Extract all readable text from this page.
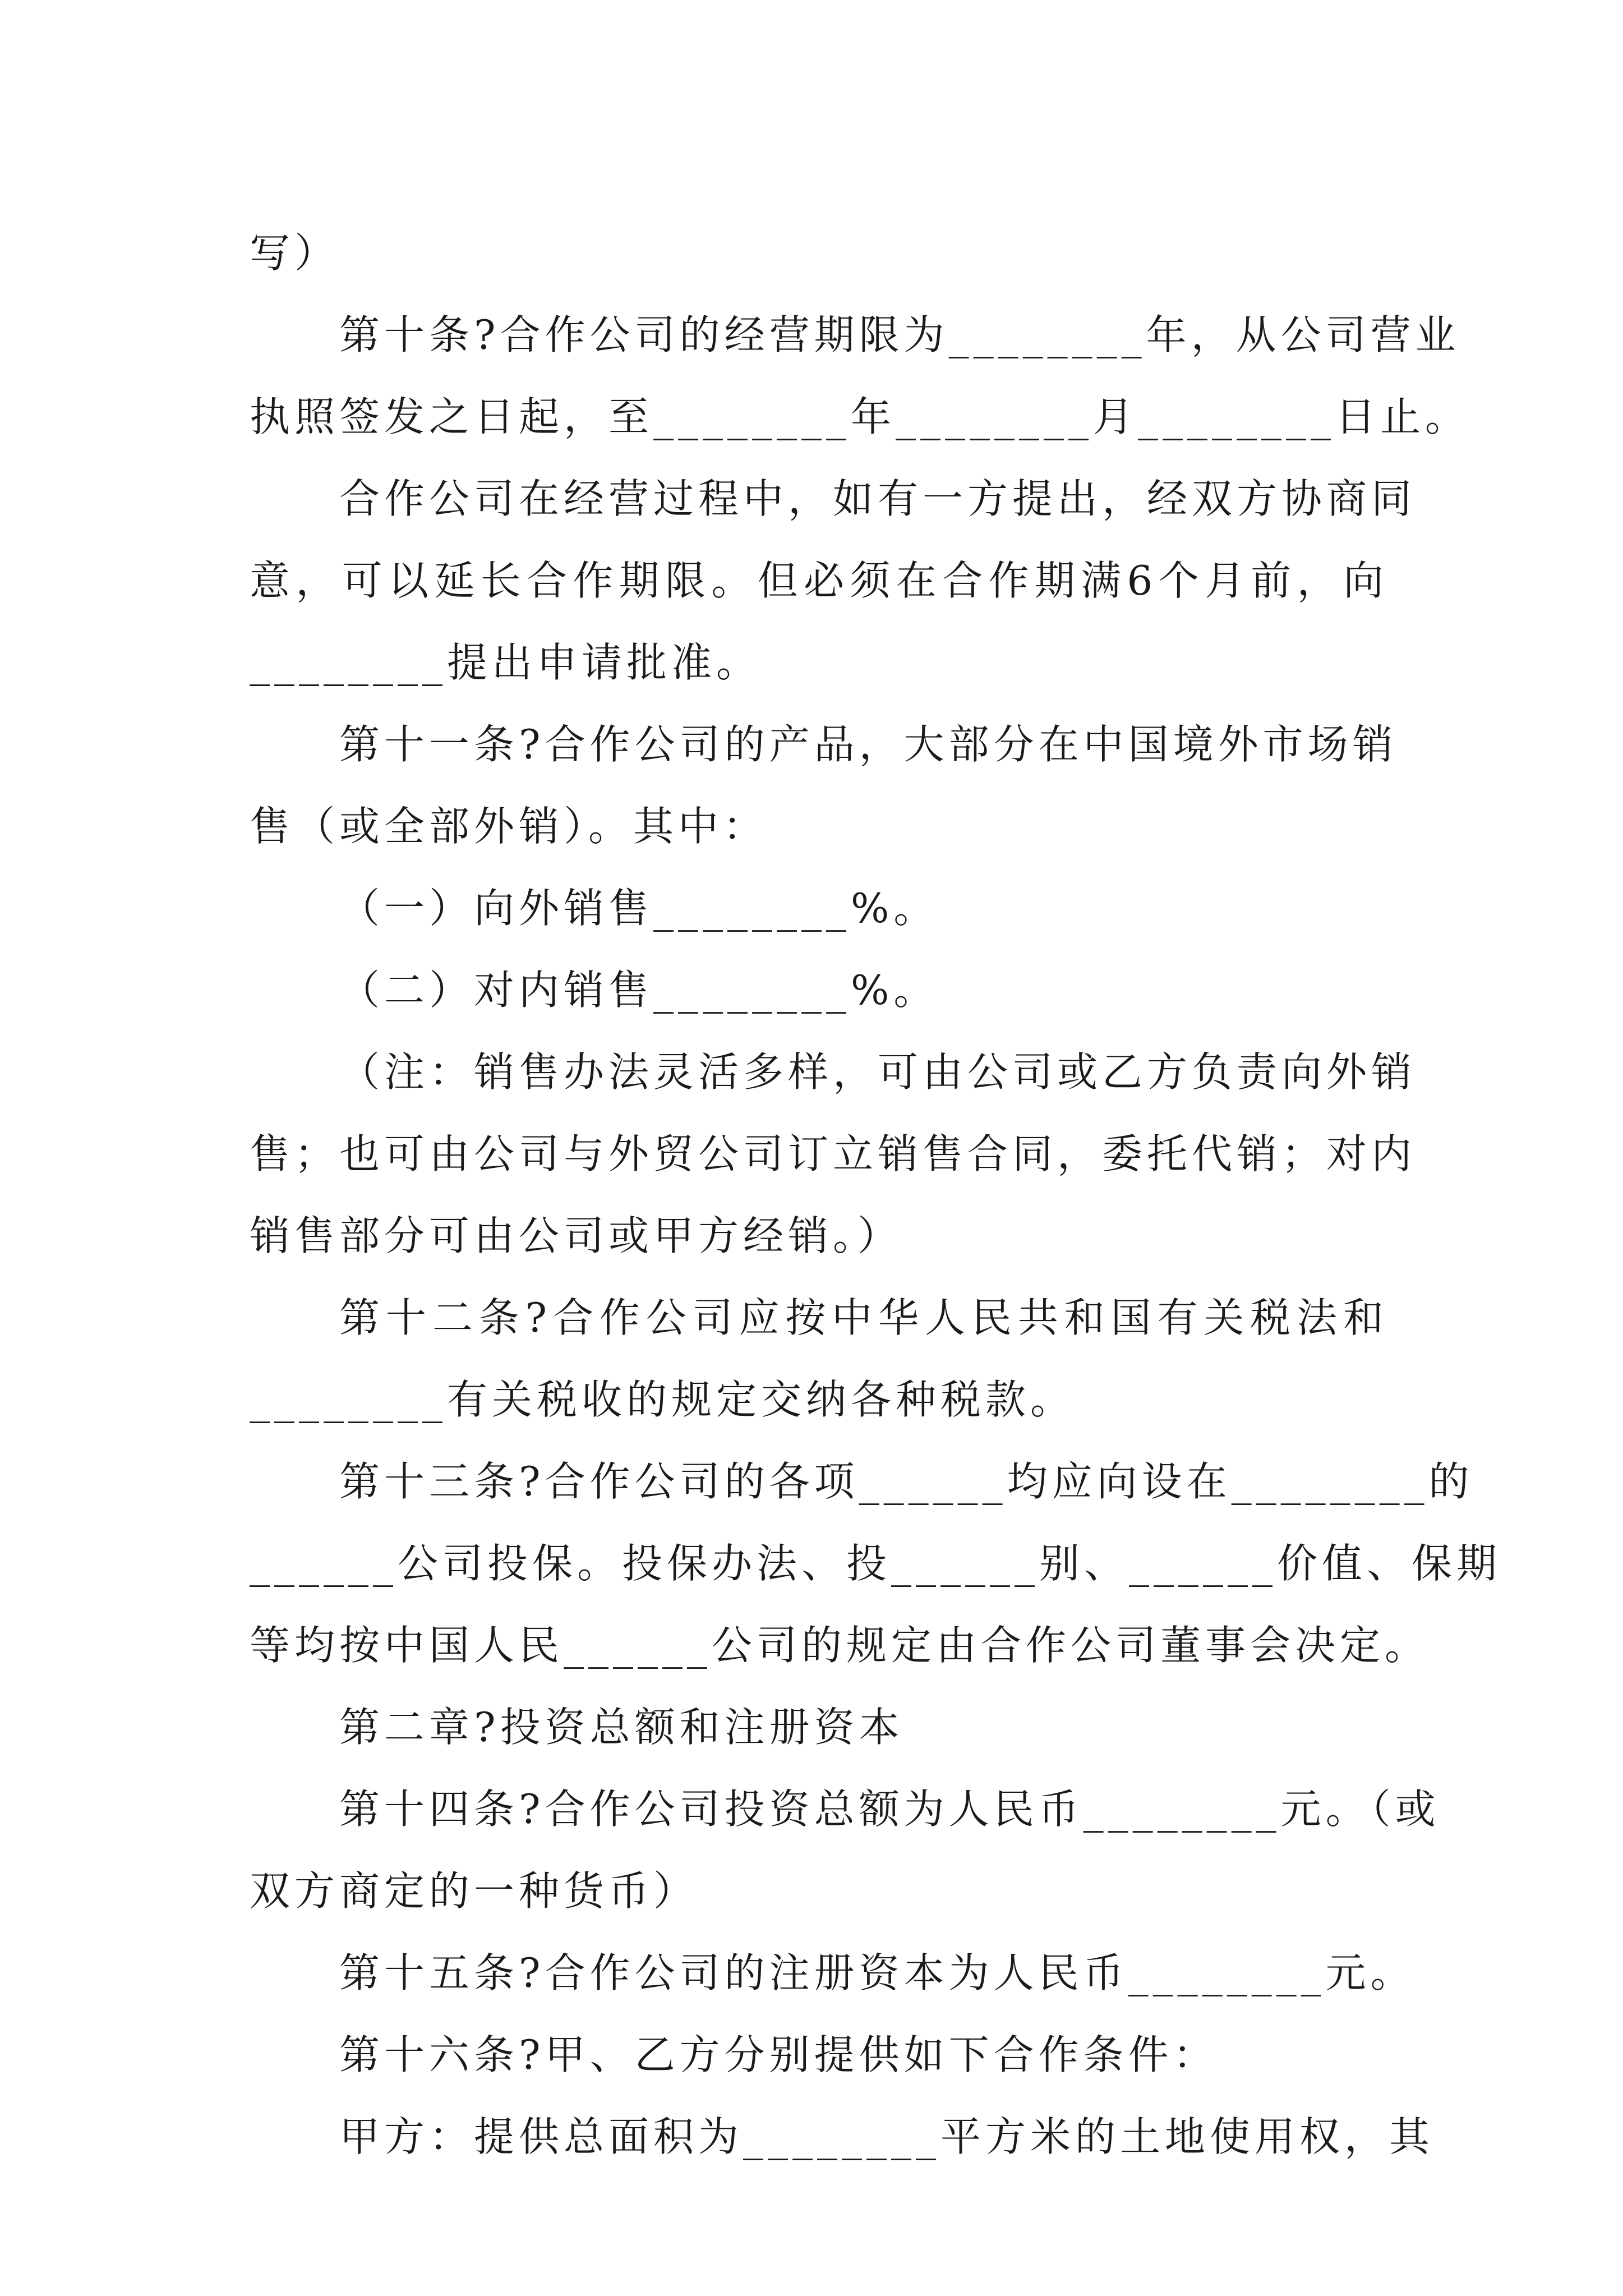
写）
第十条?合作公司的经营期限为________年，从公司营业
执照签发之日起，至________年________月________日止。
合作公司在经营过程中，如有一方提出，经双方协商同
意，可以延长合作期限。但必须在合作期满6个月前，向
________提出申请批准。
第十一条?合作公司的产品，大部分在中国境外市场销
售（或全部外销）。其中：
（一）向外销售________%。
（二）对内销售________%。
（注：销售办法灵活多样，可由公司或乙方负责向外销
售；也可由公司与外贸公司订立销售合同，委托代销；对内
销售部分可由公司或甲方经销。）
第十二条?合作公司应按中华人民共和国有关税法和
________有关税收的规定交纳各种税款。
第十三条?合作公司的各项______均应向设在________的
______公司投保。投保办法、投______别、______价值、保期
等均按中国人民______公司的规定由合作公司董事会决定。
第二章?投资总额和注册资本
第十四条?合作公司投资总额为人民币________元。（或
双方商定的一种货币）
第十五条?合作公司的注册资本为人民币________元。
第十六条?甲、乙方分别提供如下合作条件：
甲方：提供总面积为________平方米的土地使用权，其
